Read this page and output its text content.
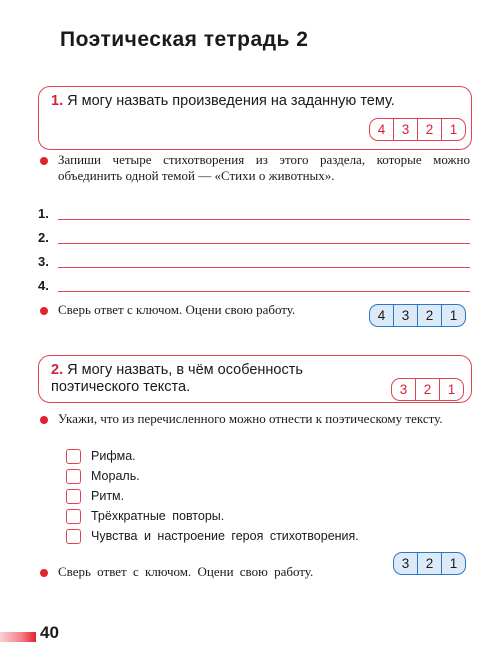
Поэтическая тетрадь 2
1. Я могу назвать произведения на заданную тему.
4	3	2	1
Запиши четыре стихотворения из этого раздела, которые можно объединить одной темой — «Стихи о животных».
1.
2.
3.
4.
Сверь ответ с ключом. Оцени свою работу.	4	3	2	1
2. Я могу назвать, в чём особенность поэтического текста.	3	2	1
Укажи, что из перечисленного можно отнести к поэтическому тексту.
Рифма.
Мораль.
Ритм.
Трёхкратные повторы.
Чувства и настроение героя стихотворения.
Сверь ответ с ключом. Оцени свою работу.
3	2	1
40
